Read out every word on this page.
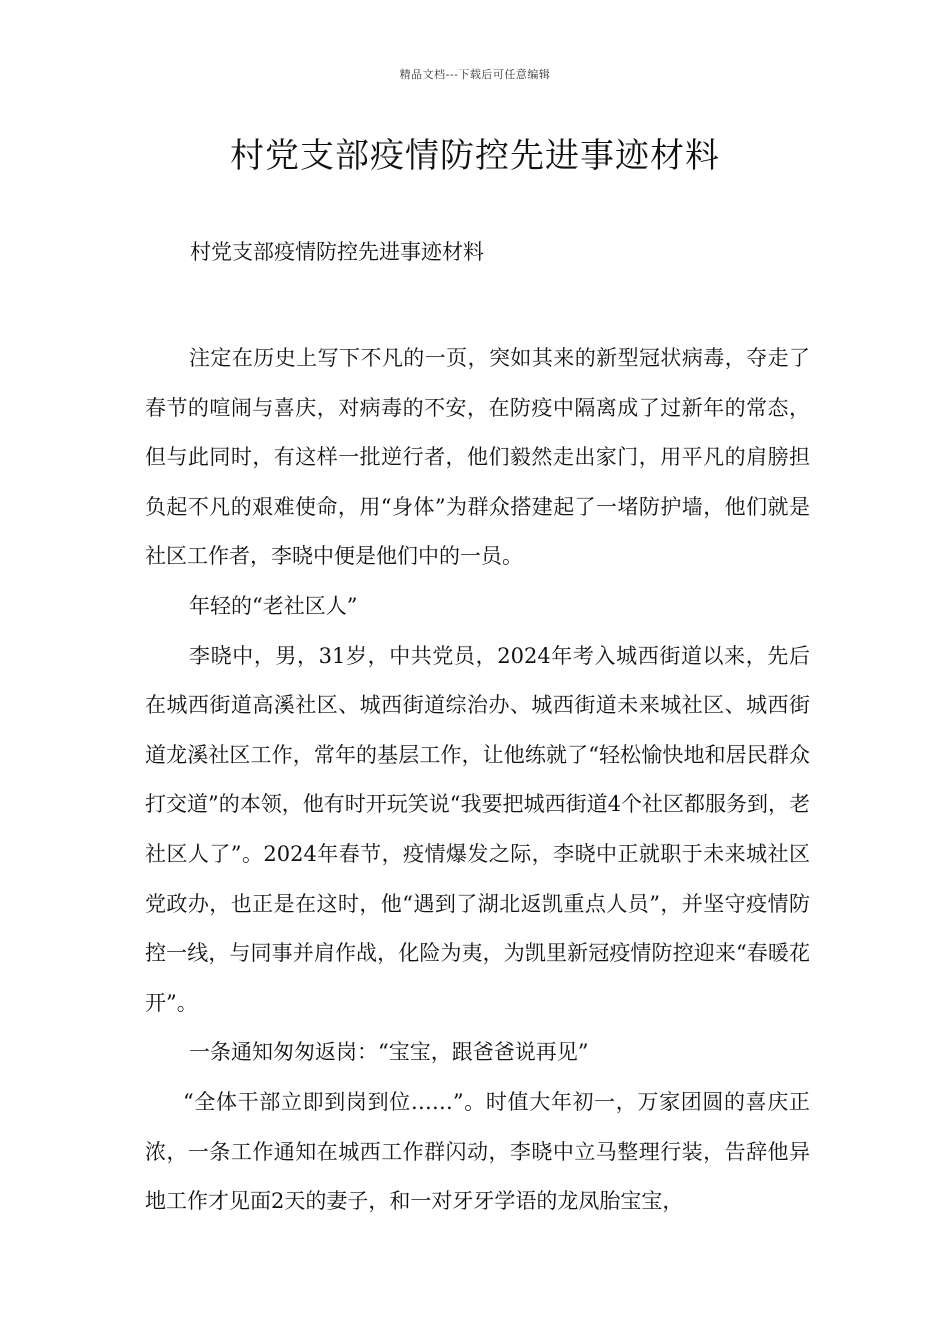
精品文档---下载后可任意编辑
村党支部疫情防控先进事迹材料

村党支部疫情防控先进事迹材料

注定在历史上写下不凡的一页，突如其来的新型冠状病毒，夺走了春节的喧闹与喜庆，对病毒的不安，在防疫中隔离成了过新年的常态，但与此同时，有这样一批逆行者，他们毅然走出家门，用平凡的肩膀担负起不凡的艰难使命，用“身体”为群众搭建起了一堵防护墙，他们就是社区工作者，李晓中便是他们中的一员。

年轻的“老社区人”

李晓中，男，31岁，中共党员，2024年考入城西街道以来，先后在城西街道高溪社区、城西街道综治办、城西街道未来城社区、城西街道龙溪社区工作，常年的基层工作，让他练就了“轻松愉快地和居民群众打交道”的本领，他有时开玩笑说“我要把城西街道4个社区都服务到，老社区人了”。2024年春节，疫情爆发之际，李晓中正就职于未来城社区党政办，也正是在这时，他“遇到了湖北返凯重点人员”，并坚守疫情防控一线，与同事并肩作战，化险为夷，为凯里新冠疫情防控迎来“春暖花开”。

一条通知匆匆返岗：“宝宝，跟爸爸说再见”

“全体干部立即到岗到位……”。时值大年初一，万家团圆的喜庆正浓，一条工作通知在城西工作群闪动，李晓中立马整理行装，告辞他异地工作才见面2天的妻子，和一对牙牙学语的龙凤胎宝宝，
